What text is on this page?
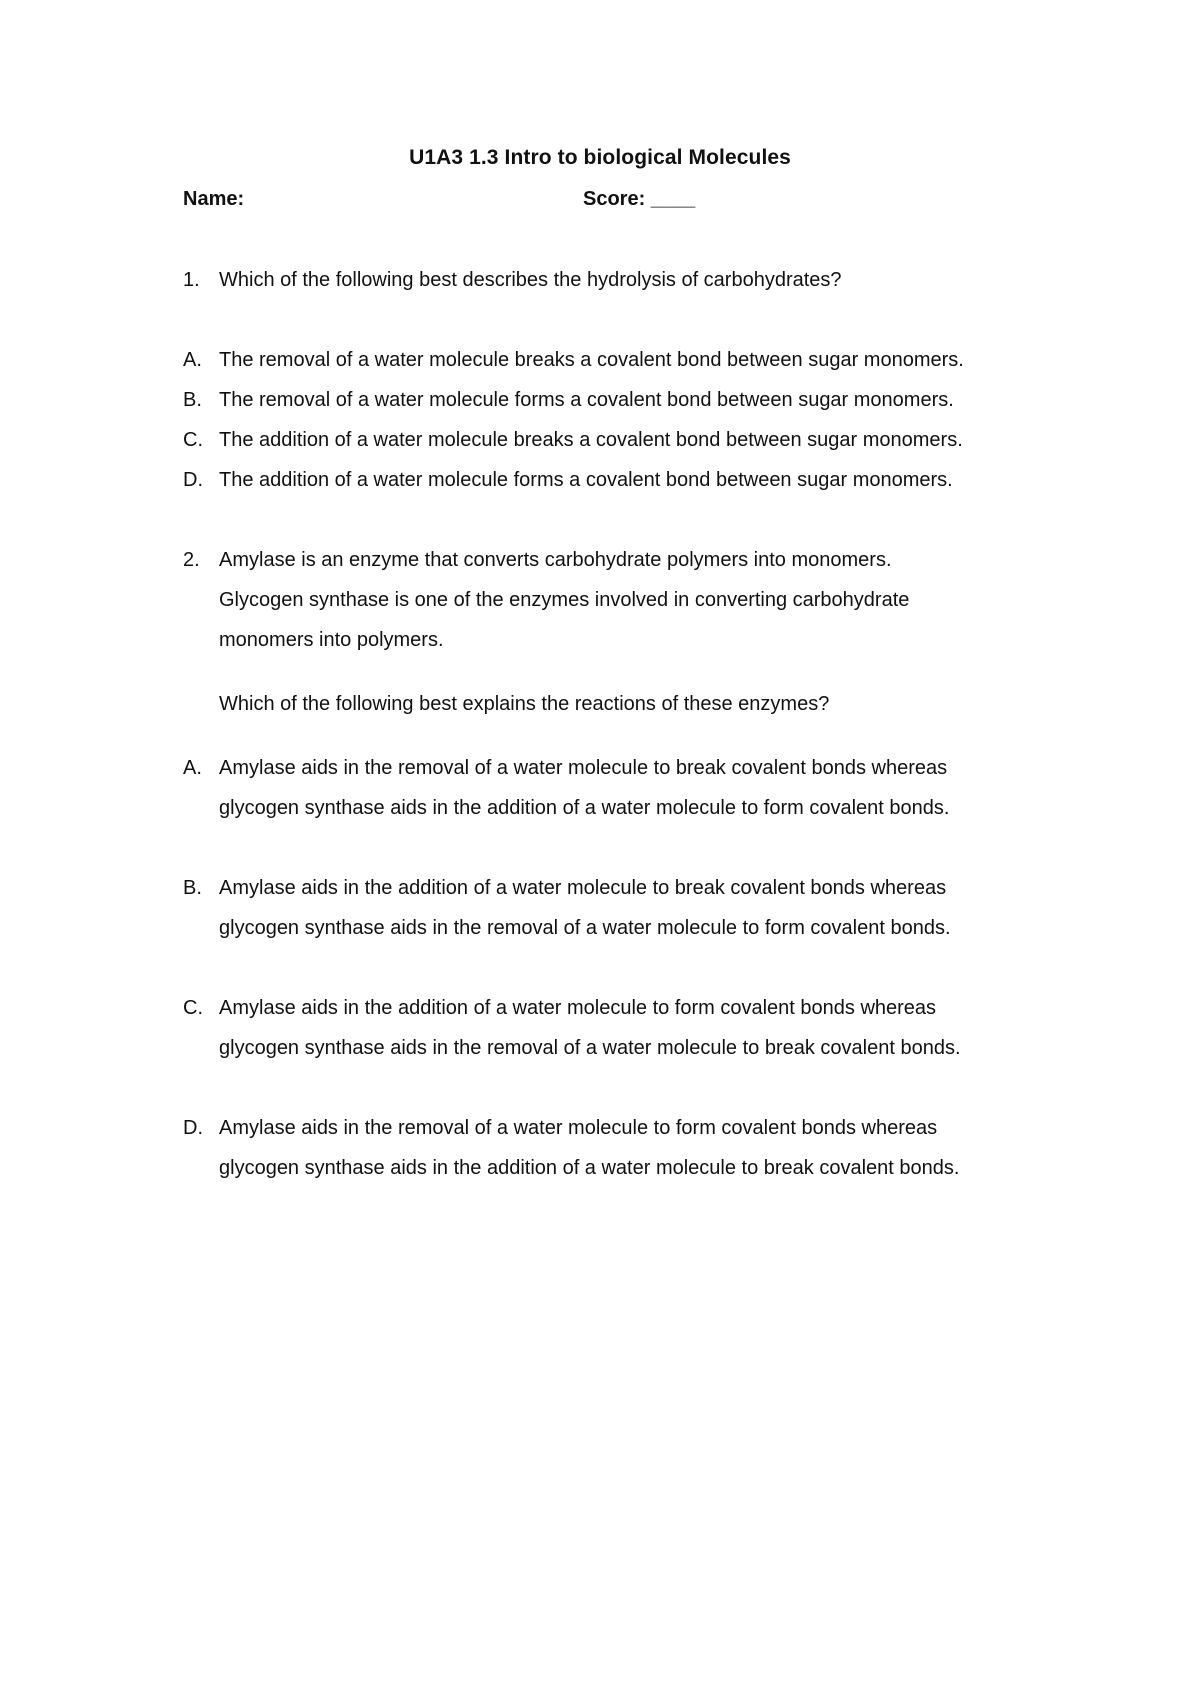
U1A3 1.3 Intro to biological Molecules
Name:	Score: ____
1. Which of the following best describes the hydrolysis of carbohydrates?
A. The removal of a water molecule breaks a covalent bond between sugar monomers.
B. The removal of a water molecule forms a covalent bond between sugar monomers.
C. The addition of a water molecule breaks a covalent bond between sugar monomers.
D. The addition of a water molecule forms a covalent bond between sugar monomers.
2. Amylase is an enzyme that converts carbohydrate polymers into monomers.
Glycogen synthase is one of the enzymes involved in converting carbohydrate
monomers into polymers.
Which of the following best explains the reactions of these enzymes?
A. Amylase aids in the removal of a water molecule to break covalent bonds whereas
glycogen synthase aids in the addition of a water molecule to form covalent bonds.
B. Amylase aids in the addition of a water molecule to break covalent bonds whereas
glycogen synthase aids in the removal of a water molecule to form covalent bonds.
C. Amylase aids in the addition of a water molecule to form covalent bonds whereas
glycogen synthase aids in the removal of a water molecule to break covalent bonds.
D. Amylase aids in the removal of a water molecule to form covalent bonds whereas
glycogen synthase aids in the addition of a water molecule to break covalent bonds.
